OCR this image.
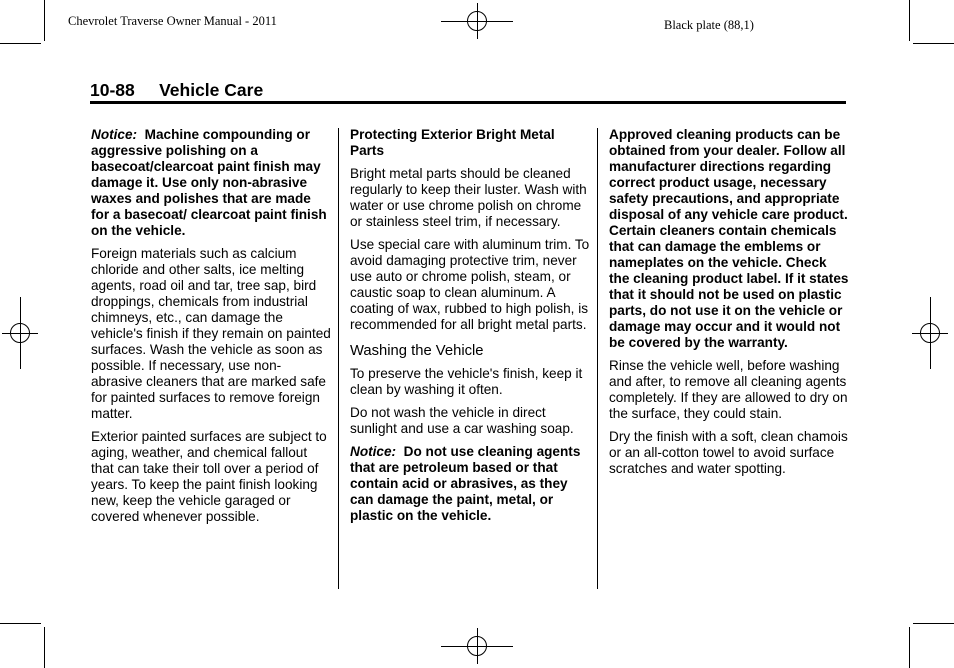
Chevrolet Traverse Owner Manual - 2011	Black plate (88,1)
10-88 Vehicle Care

Notice: Machine compounding or aggressive polishing on a basecoat/clearcoat paint finish may damage it. Use only non-abrasive waxes and polishes that are made for a basecoat/ clearcoat paint finish on the vehicle.

Foreign materials such as calcium chloride and other salts, ice melting agents, road oil and tar, tree sap, bird droppings, chemicals from industrial chimneys, etc., can damage the vehicle's finish if they remain on painted surfaces. Wash the vehicle as soon as possible. If necessary, use non-abrasive cleaners that are marked safe for painted surfaces to remove foreign matter.

Exterior painted surfaces are subject to aging, weather, and chemical fallout that can take their toll over a period of years. To keep the paint finish looking new, keep the vehicle garaged or covered whenever possible.

Protecting Exterior Bright Metal Parts

Bright metal parts should be cleaned regularly to keep their luster. Wash with water or use chrome polish on chrome or stainless steel trim, if necessary.

Use special care with aluminum trim. To avoid damaging protective trim, never use auto or chrome polish, steam, or caustic soap to clean aluminum. A coating of wax, rubbed to high polish, is recommended for all bright metal parts.

Washing the Vehicle

To preserve the vehicle's finish, keep it clean by washing it often.

Do not wash the vehicle in direct sunlight and use a car washing soap.

Notice: Do not use cleaning agents that are petroleum based or that contain acid or abrasives, as they can damage the paint, metal, or plastic on the vehicle.

Approved cleaning products can be obtained from your dealer. Follow all manufacturer directions regarding correct product usage, necessary safety precautions, and appropriate disposal of any vehicle care product. Certain cleaners contain chemicals that can damage the emblems or nameplates on the vehicle. Check the cleaning product label. If it states that it should not be used on plastic parts, do not use it on the vehicle or damage may occur and it would not be covered by the warranty.

Rinse the vehicle well, before washing and after, to remove all cleaning agents completely. If they are allowed to dry on the surface, they could stain.

Dry the finish with a soft, clean chamois or an all-cotton towel to avoid surface scratches and water spotting.
